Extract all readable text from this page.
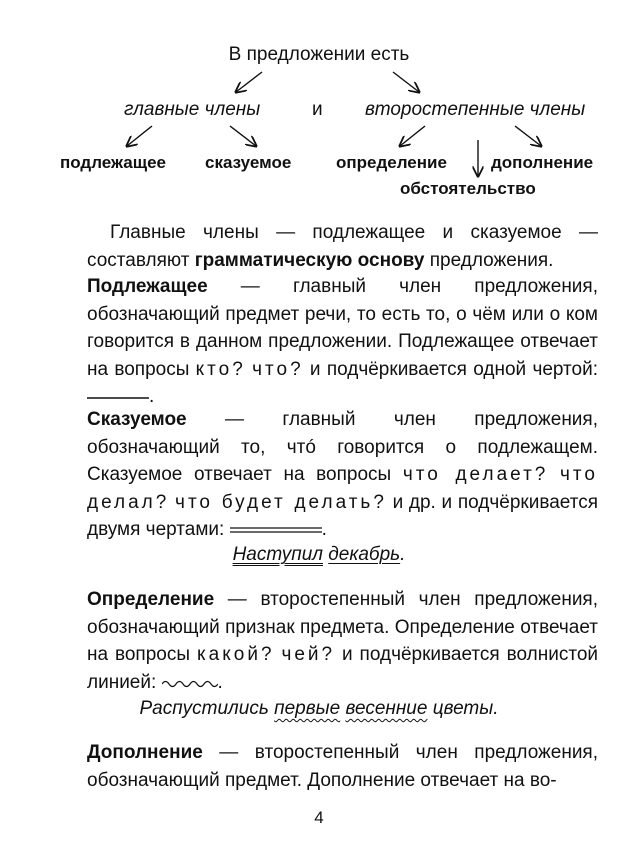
В предложении есть
главные члены	и второстепенные члены
подлежащее сказуемое	определение	дополнение
обстоятельство

Главные члены — подлежащее и сказуемое — составляют грамматическую основу предложения.

Подлежащее — главный член предложения, обозначающий предмет речи, то есть то, о чём или о ком говорится в данном предложении. Подлежащее отвечает на вопросы кто? что? и подчёркивается одной чертой: .

Сказуемое — главный член предложения, обозначающий то, чтó говорится о подлежащем. Сказуемое отвечает на вопросы что делает? что делал? что будет делать? и др. и подчёркивается двумя чертами:	.

Наступил декабрь.

Определение — второстепенный член предложения, обозначающий признак предмета. Определение отвечает на вопросы какой? чей? и подчёркивается волнистой линией:	.

Распустились первые весенние цветы.

Дополнение — второстепенный член предложения, обозначающий предмет. Дополнение отвечает на во-

4
